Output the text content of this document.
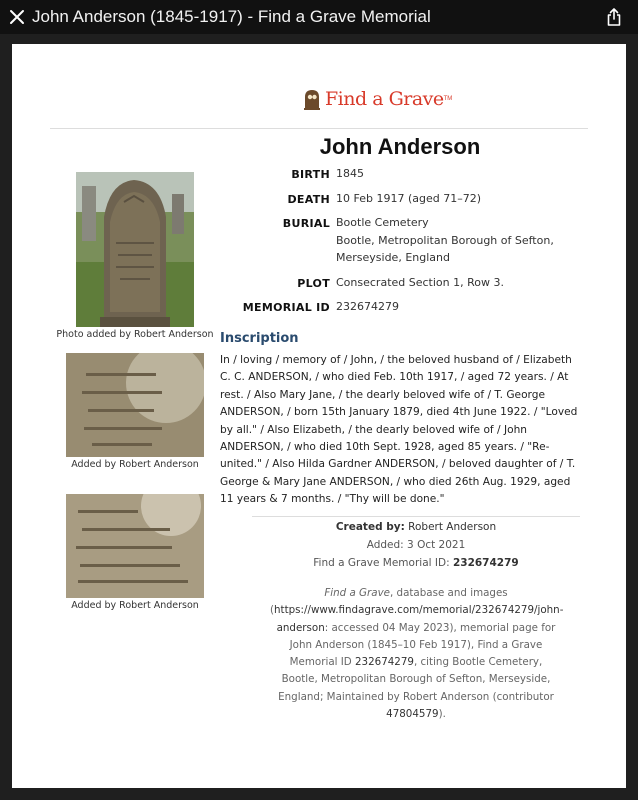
John Anderson (1845-1917) - Find a Grave Memorial
Find a Grave TM
John Anderson
BIRTH 1845
DEATH 10 Feb 1917 (aged 71–72)
BURIAL Bootle Cemetery
Bootle, Metropolitan Borough of Sefton,
Merseyside, England
PLOT Consecrated Section 1, Row 3.
MEMORIAL ID 232674279
Photo added by Robert Anderson
Added by Robert Anderson
Added by Robert Anderson
Inscription
In / loving / memory of / John, / the beloved husband of / Elizabeth C. C. ANDERSON, / who died Feb. 10th 1917, / aged 72 years. / At rest. / Also Mary Jane, / the dearly beloved wife of / T. George ANDERSON, / born 15th January 1879, died 4th June 1922. / "Loved by all." / Also Elizabeth, / the dearly beloved wife of / John ANDERSON, / who died 10th Sept. 1928, aged 85 years. / "Re-united." / Also Hilda Gardner ANDERSON, / beloved daughter of / T. George & Mary Jane ANDERSON, / who died 26th Aug. 1929, aged 11 years & 7 months. / "Thy will be done."
Created by: Robert Anderson
Added: 3 Oct 2021
Find a Grave Memorial ID: 232674279
Find a Grave, database and images (https://www.findagrave.com/memorial/232674279/john-anderson: accessed 04 May 2023), memorial page for John Anderson (1845–10 Feb 1917), Find a Grave Memorial ID 232674279, citing Bootle Cemetery, Bootle, Metropolitan Borough of Sefton, Merseyside, England; Maintained by Robert Anderson (contributor 47804579).
